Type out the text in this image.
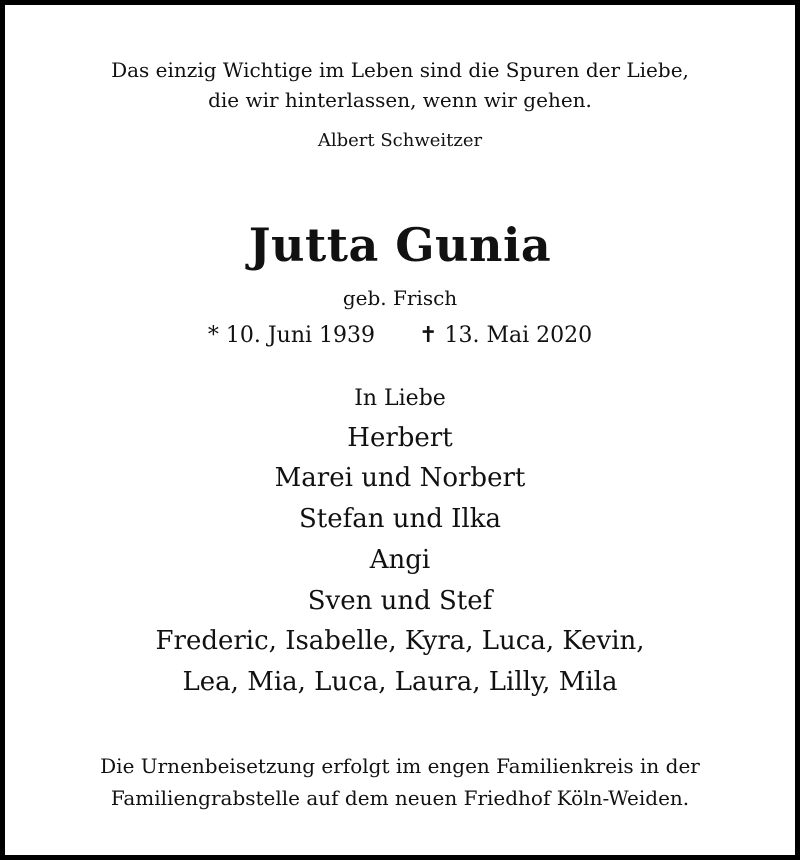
Das einzig Wichtige im Leben sind die Spuren der Liebe,
die wir hinterlassen, wenn wir gehen.
Albert Schweitzer
Jutta Gunia
geb. Frisch
* 10. Juni 1939 ✝ 13. Mai 2020
In Liebe
Herbert
Marei und Norbert
Stefan und Ilka
Angi
Sven und Stef
Frederic, Isabelle, Kyra, Luca, Kevin,
Lea, Mia, Luca, Laura, Lilly, Mila
Die Urnenbeisetzung erfolgt im engen Familienkreis in der
Familiengrabstelle auf dem neuen Friedhof Köln-Weiden.
